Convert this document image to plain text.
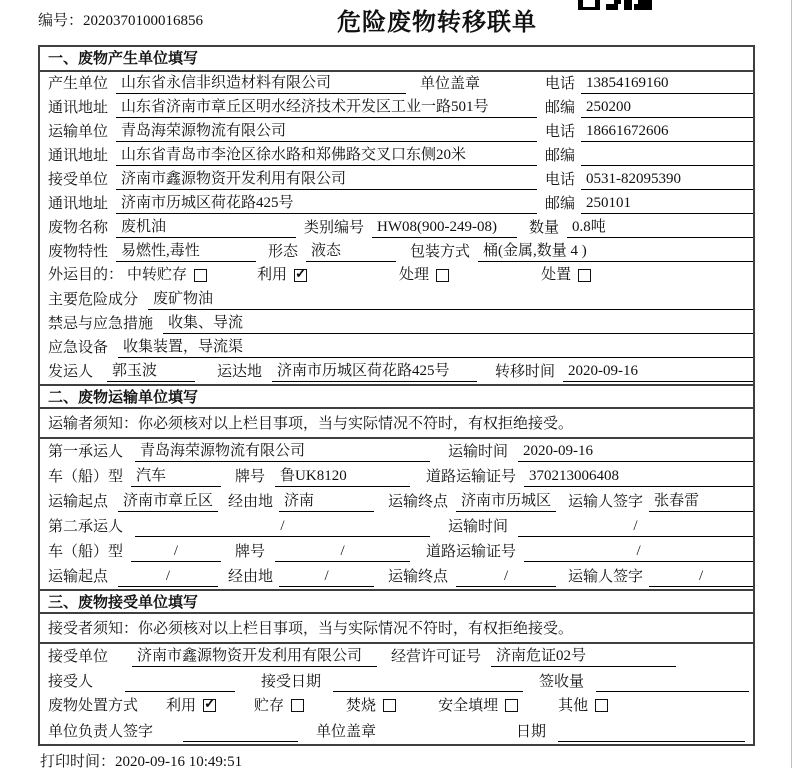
编号：2020370100016856	危险废物转移联单
一、废物产生单位填写
产生单位 山东省永信非织造材料有限公司	单位盖章	电话 13854169160
通讯地址 山东省济南市章丘区明水经济技术开发区工业一路501号	邮编 250200
运输单位 青岛海荣源物流有限公司	电话 18661672606
通讯地址 山东省青岛市李沧区徐水路和郑佛路交叉口东侧20米	邮编
接受单位 济南市鑫源物资开发利用有限公司	电话 0531-82095390
通讯地址 济南市历城区荷花路425号	邮编 250101
废物名称 废机油	类别编号 HW08(900-249-08)	数量 0.8吨
废物特性 易燃性,毒性	形态 液态	包装方式 桶(金属,数量 4 )
外运目的： 中转贮存	利用 ✓	处理	处置
主要危险成分	废矿物油
禁忌与应急措施	收集、导流
应急设备	收集装置，导流渠
发运人	郭玉波	运达地	济南市历城区荷花路425号	转移时间 2020-09-16
二、废物运输单位填写
运输者须知：你必须核对以上栏目事项，当与实际情况不符时，有权拒绝接受。
第一承运人	青岛海荣源物流有限公司	运输时间	2020-09-16
车（船）型 汽车	牌号	鲁UK8120	道路运输证号 370213006408
运输起点	济南市章丘区 经由地 济南	运输终点 济南市历城区	运输人签字 张春雷
第二承运人	/	运输时间	/
车（船）型	/	牌号	/	道路运输证号	/
运输起点	/	经由地	/	运输终点	/	运输人签字	/
三、废物接受单位填写
接受者须知：你必须核对以上栏目事项，当与实际情况不符时，有权拒绝接受。
接受单位	济南市鑫源物资开发利用有限公司	经营许可证号	济南危证02号
接受人	接受日期	签收量
废物处置方式 利用 ✓	贮存	焚烧	安全填埋	其他
单位负责人签字	单位盖章	日期
打印时间：2020-09-16 10:49:51
